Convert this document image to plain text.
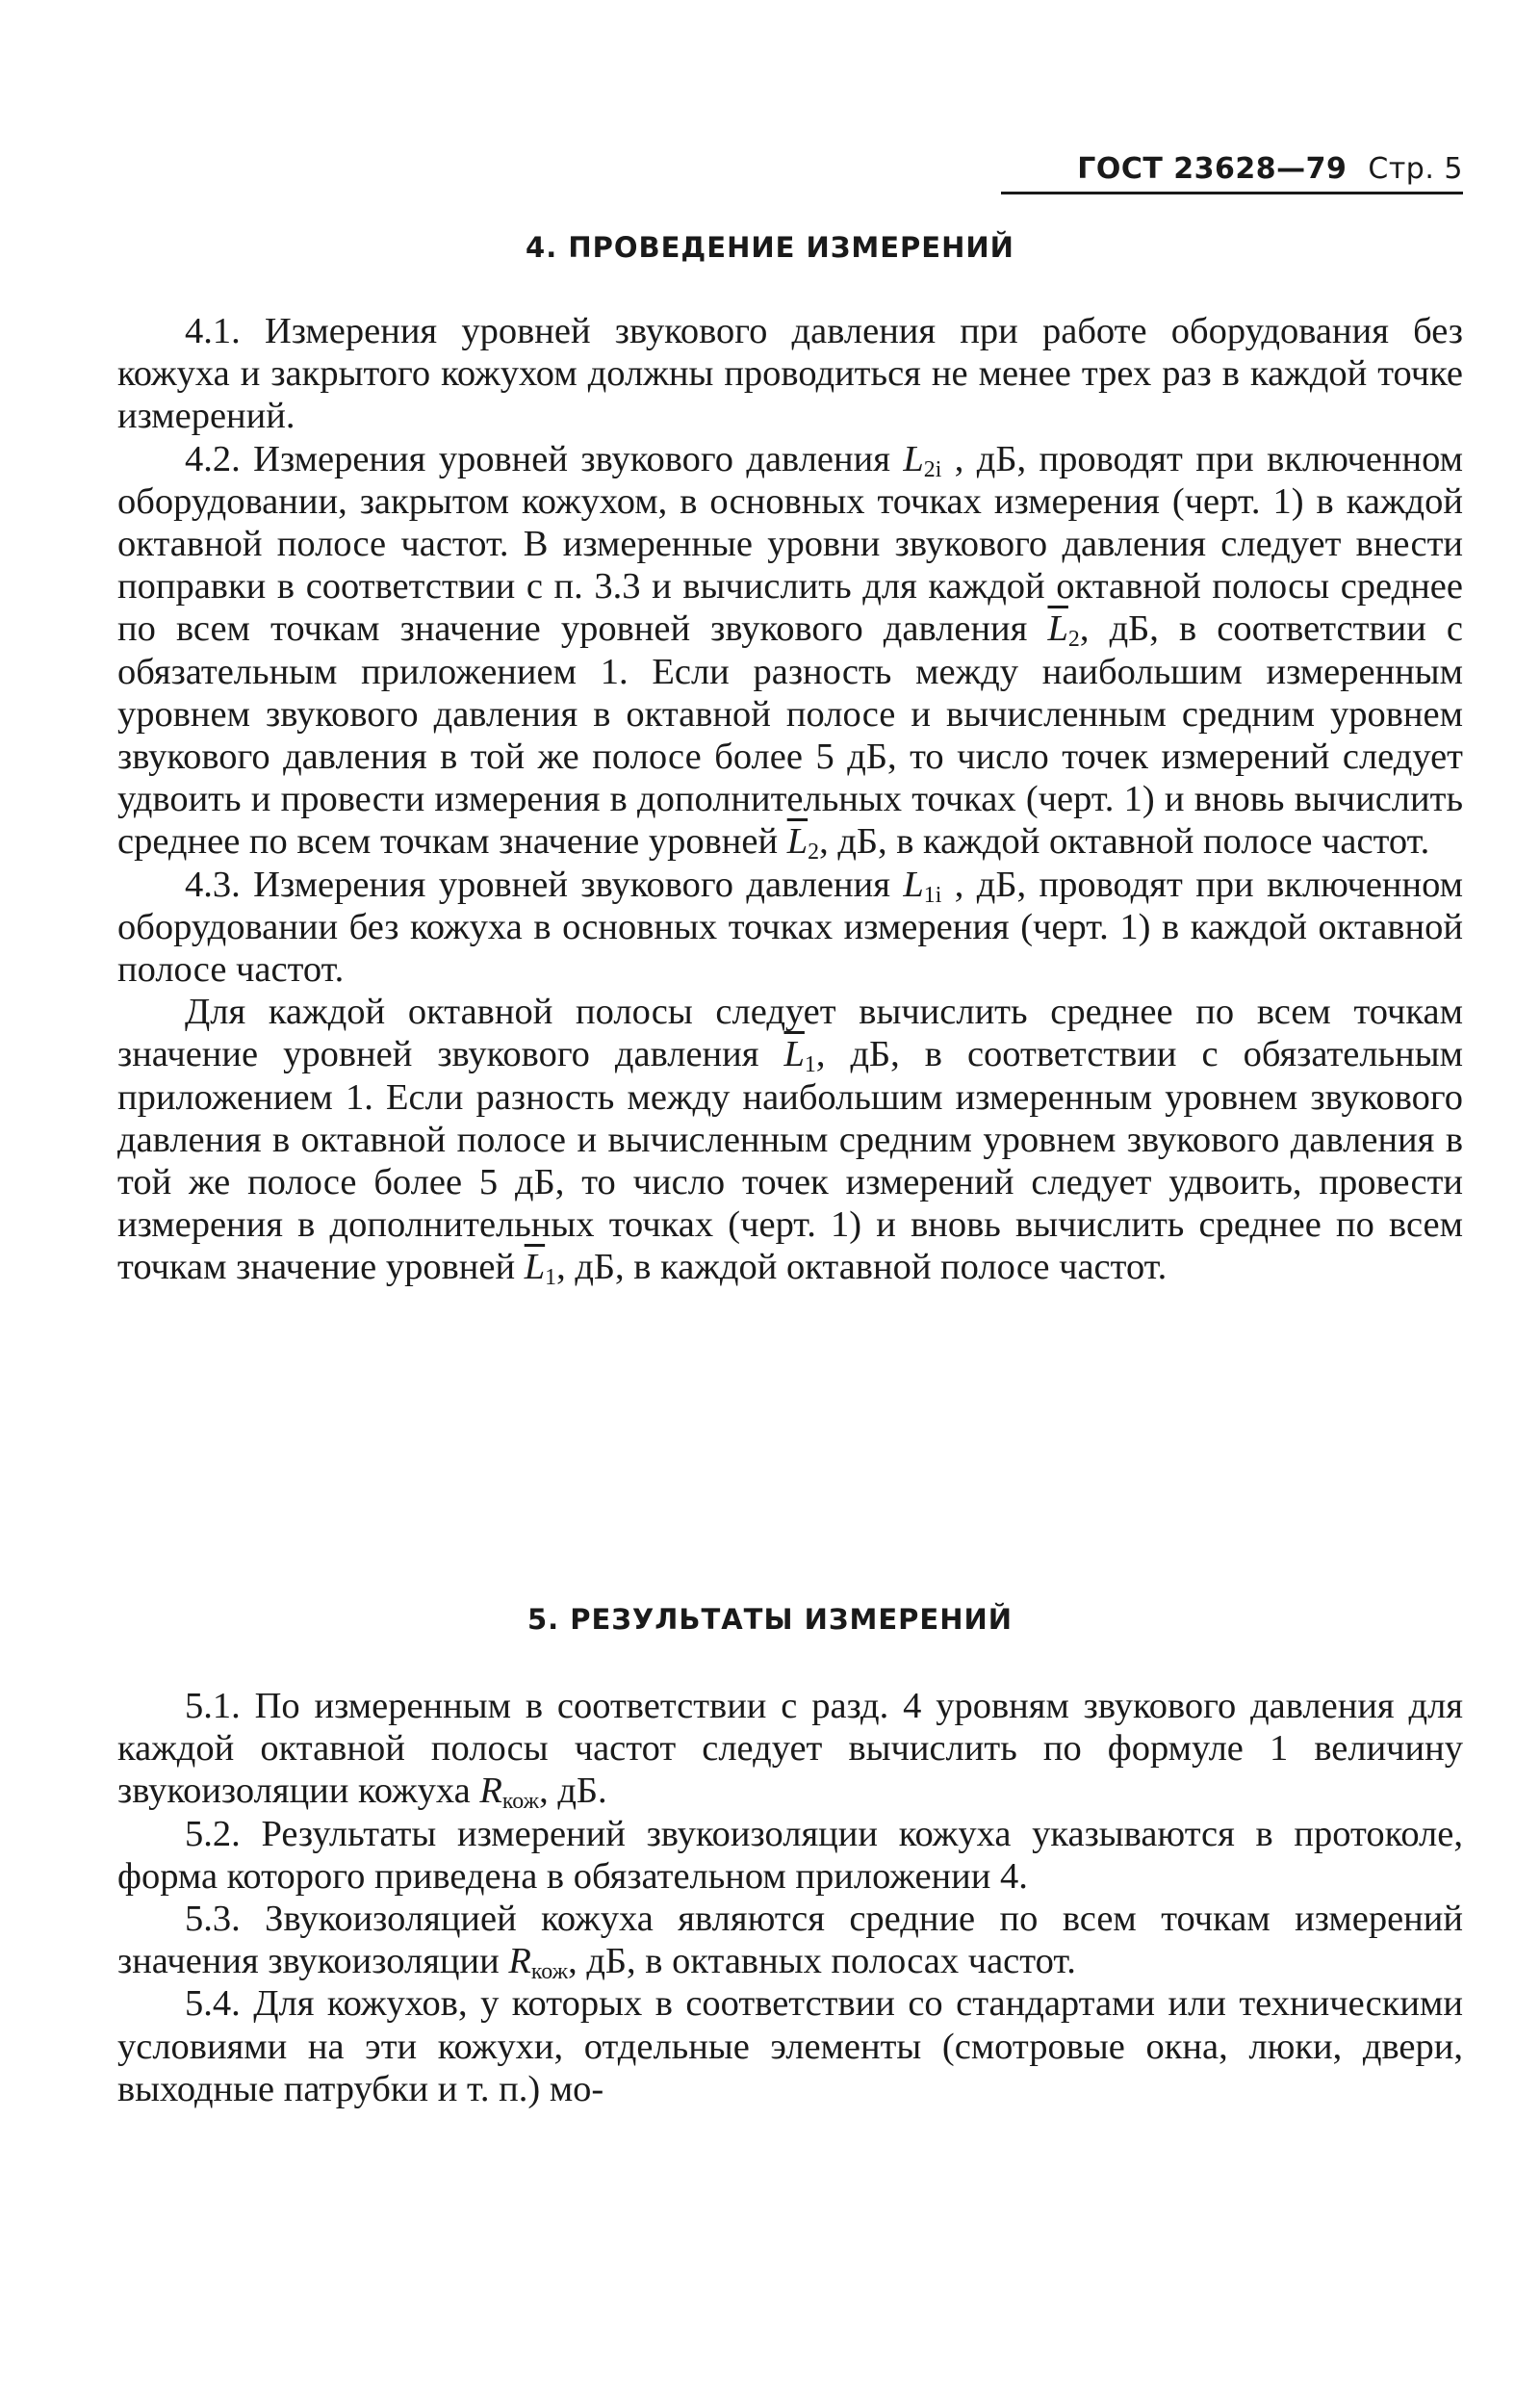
ГОСТ 23628—79 Стр. 5
4. ПРОВЕДЕНИЕ ИЗМЕРЕНИЙ

4.1. Измерения уровней звукового давления при работе оборудования без кожуха и закрытого кожухом должны проводиться не менее трех раз в каждой точке измерений.

4.2. Измерения уровней звукового давления $L_{2i}$ , дБ, проводят при включенном оборудовании, закрытом кожухом, в основных точках измерения (черт. 1) в каждой октавной полосе частот. В измеренные уровни звукового давления следует внести поправки в соответствии с п. 3.3 и вычислить для каждой октавной полосы среднее по всем точкам значение уровней звукового давления $\overline{L}_2$, дБ, в соответствии с обязательным приложением 1. Если разность между наибольшим измеренным уровнем звукового давления в октавной полосе и вычисленным средним уровнем звукового давления в той же полосе более 5 дБ, то число точек измерений следует удвоить и провести измерения в дополнительных точках (черт. 1) и вновь вычислить среднее по всем точкам значение уровней $\overline{L}_2$, дБ, в каждой октавной полосе частот.

4.3. Измерения уровней звукового давления $L_{1i}$ , дБ, проводят при включенном оборудовании без кожуха в основных точках измерения (черт. 1) в каждой октавной полосе частот.

Для каждой октавной полосы следует вычислить среднее по всем точкам значение уровней звукового давления $\overline{L}_1$, дБ, в соответствии с обязательным приложением 1. Если разность между наибольшим измеренным уровнем звукового давления в октавной полосе и вычисленным средним уровнем звукового давления в той же полосе более 5 дБ, то число точек измерений следует удвоить, провести измерения в дополнительных точках (черт. 1) и вновь вычислить среднее по всем точкам значение уровней $\overline{L}_1$, дБ, в каждой октавной полосе частот.

5. РЕЗУЛЬТАТЫ ИЗМЕРЕНИЙ

5.1. По измеренным в соответствии с разд. 4 уровням звукового давления для каждой октавной полосы частот следует вычислить по формуле 1 величину звукоизоляции кожуха $R_{кож}$, дБ.

5.2. Результаты измерений звукоизоляции кожуха указываются в протоколе, форма которого приведена в обязательном приложении 4.

5.3. Звукоизоляцией кожуха являются средние по всем точкам измерений значения звукоизоляции $R_{кож}$, дБ, в октавных полосах частот.

5.4. Для кожухов, у которых в соответствии со стандартами или техническими условиями на эти кожухи, отдельные элементы (смотровые окна, люки, двери, выходные патрубки и т. п.) мо-
